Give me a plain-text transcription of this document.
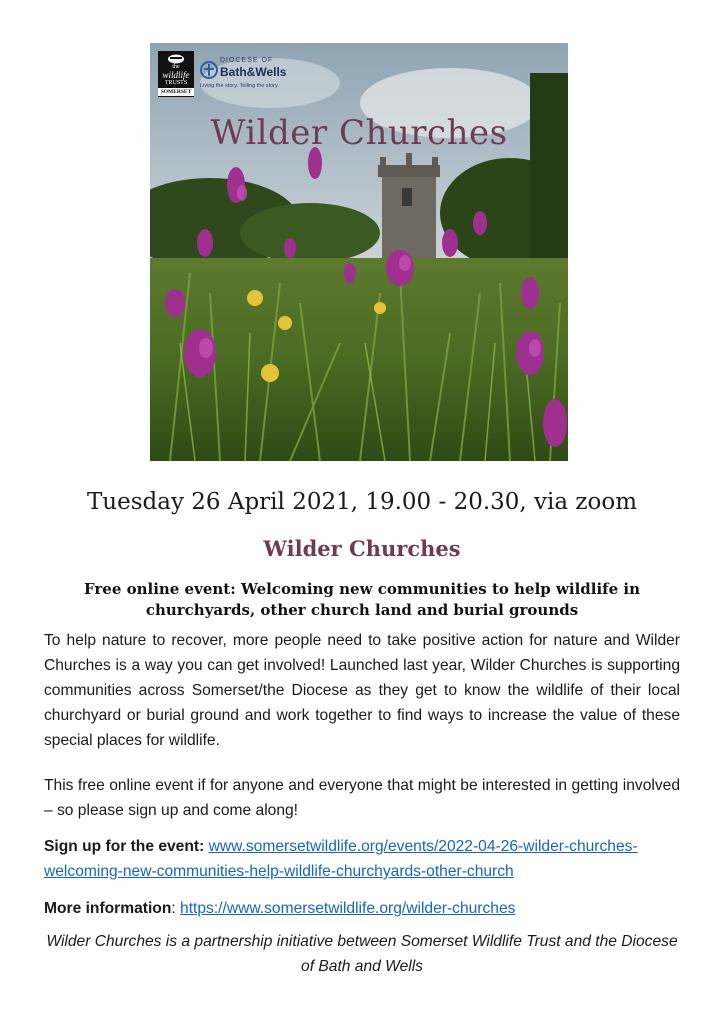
the
wildlife
TRUSTS
SOMERSET
DIOCESE OF
Bath&Wells
Living the story. Telling the story.
Wilder Churches
Tuesday 26 April 2021, 19.00 - 20.30, via zoom
Wilder Churches
Free online event: Welcoming new communities to help wildlife in churchyards, other church land and burial grounds
To help nature to recover, more people need to take positive action for nature and Wilder Churches is a way you can get involved! Launched last year, Wilder Churches is supporting communities across Somerset/the Diocese as they get to know the wildlife of their local churchyard or burial ground and work together to find ways to increase the value of these special places for wildlife.
This free online event if for anyone and everyone that might be interested in getting involved – so please sign up and come along!
Sign up for the event: www.somersetwildlife.org/events/2022-04-26-wilder-churches-welcoming-new-communities-help-wildlife-churchyards-other-church
More information: https://www.somersetwildlife.org/wilder-churches
Wilder Churches is a partnership initiative between Somerset Wildlife Trust and the Diocese of Bath and Wells
